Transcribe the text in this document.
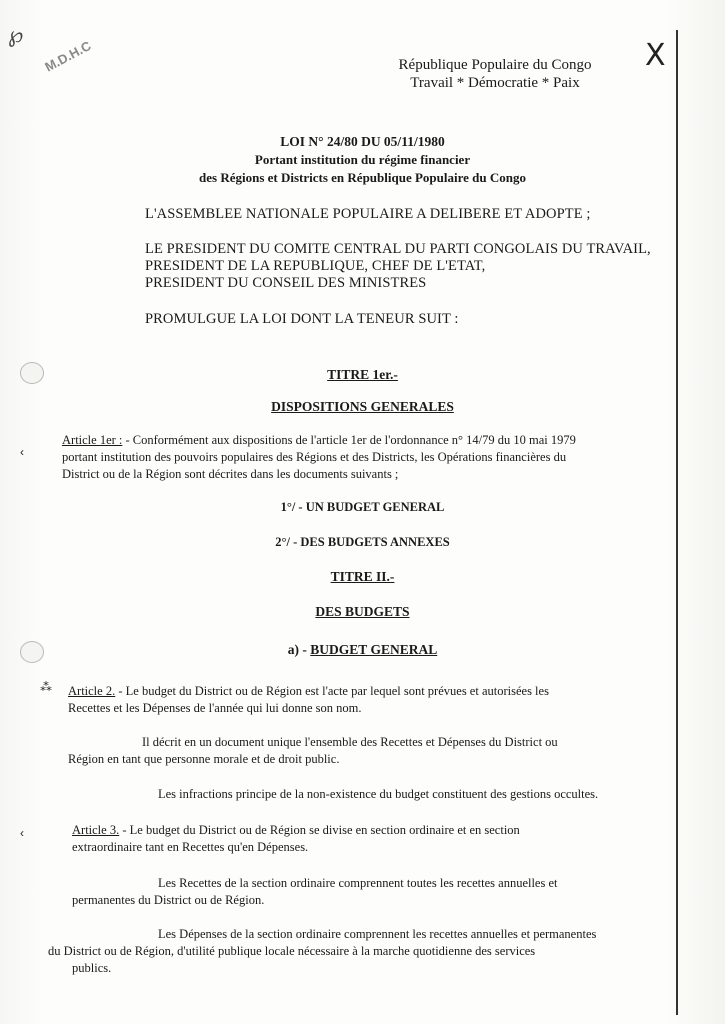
M.D.H.C
℘

République Populaire du Congo

Travail * Démocratie * Paix

X

LOI N° 24/80 DU 05/11/1980

Portant institution du régime financier

des Régions et Districts en République Populaire du Congo

L'ASSEMBLEE NATIONALE POPULAIRE A DELIBERE ET ADOPTE ;

LE PRESIDENT DU COMITE CENTRAL DU PARTI CONGOLAIS DU TRAVAIL,

PRESIDENT DE LA REPUBLIQUE, CHEF DE L'ETAT,

PRESIDENT DU CONSEIL DES MINISTRES

PROMULGUE LA LOI DONT LA TENEUR SUIT :

TITRE 1er.-

DISPOSITIONS GENERALES

Article 1er : - Conformément aux dispositions de l'article 1er de l'ordonnance n° 14/79 du 10 mai 1979

portant institution des pouvoirs populaires des Régions et des Districts, les Opérations financières du

District ou de la Région sont décrites dans les documents suivants ;

1°/ - UN BUDGET GENERAL

2°/ - DES BUDGETS ANNEXES

TITRE II.-

DES BUDGETS

a) - BUDGET GENERAL

Article 2. - Le budget du District ou de Région est l'acte par lequel sont prévues et autorisées les

Recettes et les Dépenses de l'année qui lui donne son nom.

Il décrit en un document unique l'ensemble des Recettes et Dépenses du District ou

Région en tant que personne morale et de droit public.

Les infractions principe de la non-existence du budget constituent des gestions occultes.

Article 3. - Le budget du District ou de Région se divise en section ordinaire et en section

extraordinaire tant en Recettes qu'en Dépenses.

Les Recettes de la section ordinaire comprennent toutes les recettes annuelles et

permanentes du District ou de Région.

Les Dépenses de la section ordinaire comprennent les recettes annuelles et permanentes

du District ou de Région, d'utilité publique locale nécessaire à la marche quotidienne des services

publics.

‹
‹
⁂
